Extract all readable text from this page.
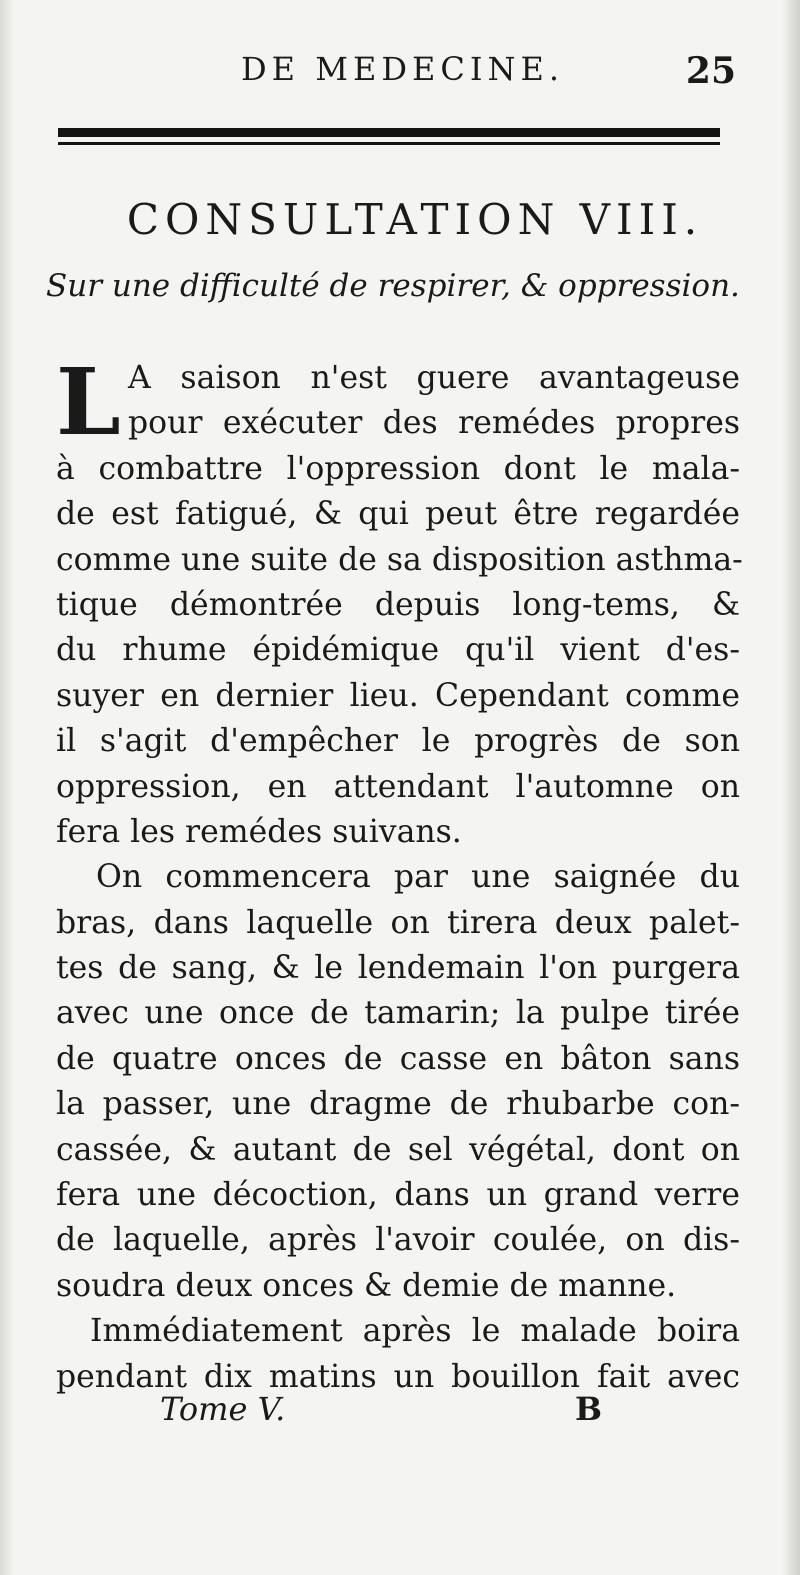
DE MEDECINE.	25
CONSULTATION VIII.
Sur une difficulté de respirer, & oppression.
L A saison n'est guere avantageuse
pour exécuter des remédes propres
à combattre l'oppression dont le mala-
de est fatigué, & qui peut être regardée
comme une suite de sa disposition asthma-
tique démontrée depuis long-tems, &
du rhume épidémique qu'il vient d'es-
suyer en dernier lieu. Cependant comme
il s'agit d'empêcher le progrès de son
oppression, en attendant l'automne on
fera les remédes suivans.
On commencera par une saignée du
bras, dans laquelle on tirera deux palet-
tes de sang, & le lendemain l'on purgera
avec une once de tamarin; la pulpe tirée
de quatre onces de casse en bâton sans
la passer, une dragme de rhubarbe con-
cassée, & autant de sel végétal, dont on
fera une décoction, dans un grand verre
de laquelle, après l'avoir coulée, on dis-
soudra deux onces & demie de manne.
Immédiatement après le malade boira
pendant dix matins un bouillon fait avec
Tome V.	B
